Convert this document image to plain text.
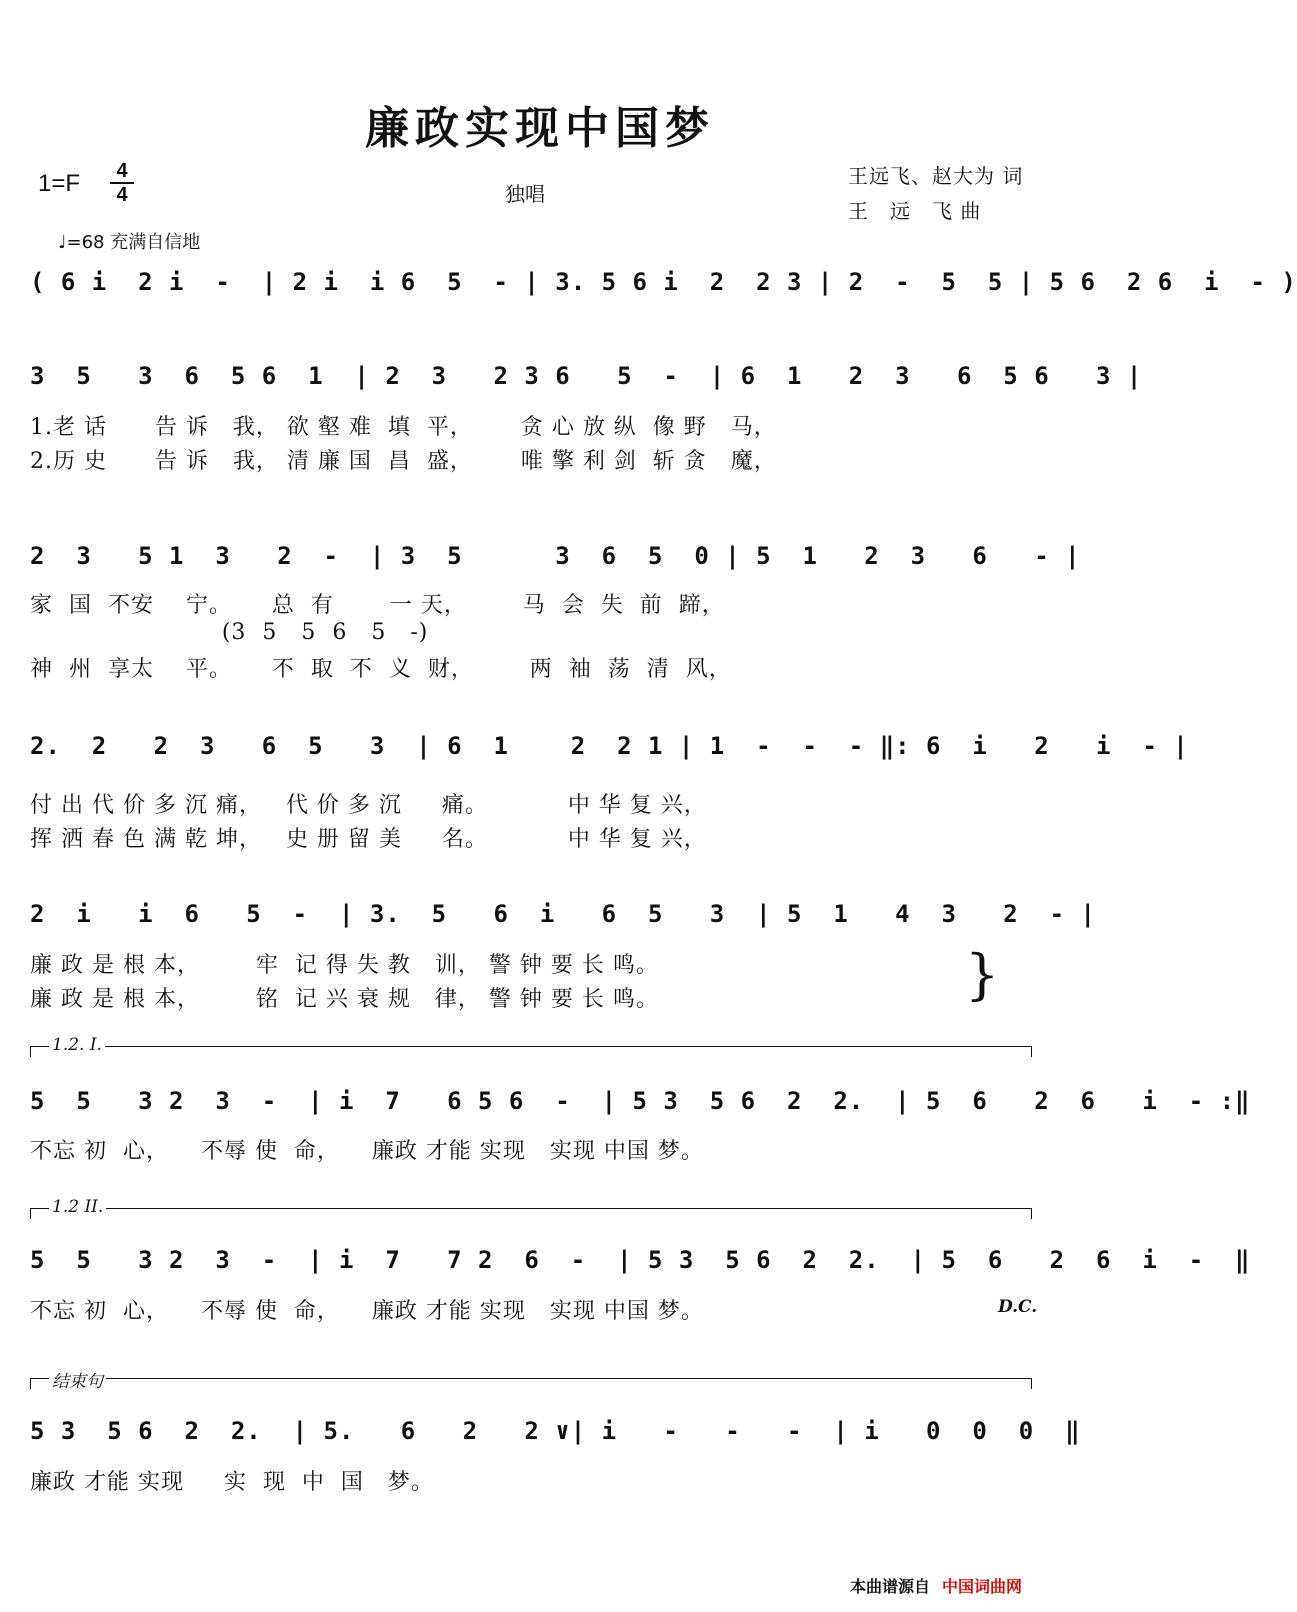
廉政实现中国梦
1=F	4
4	独唱
王远飞、赵大为 词
王　远　飞 曲
♩=68 充满自信地
( 6 i  2 i  -  | 2 i  i 6  5  - | 3. 5 6 i  2  2 3 | 2  -  5  5 | 5 6  2 6  i  - )
3  5   3  6  5 6  1  | 2  3   2 3 6   5  -  | 6  1   2  3   6  5 6   3 |
1.老 话      告 诉   我， 欲 壑 难  填  平，      贪 心 放 纵  像 野   马，
2.历 史      告 诉   我， 清 廉 国  昌  盛，      唯 擎 利 剑  斩 贪   魔，
2  3   5 1  3   2  -  | 3  5      3  6  5  0 | 5  1   2  3   6   - |
家  国  不安    宁。     总  有       一 天，       马  会  失  前  蹄，
(3  5   5  6   5   -)
神  州  享太    平。     不  取  不  义  财，       两  袖  荡  清  风，
2.  2   2  3   6  5   3  | 6  1    2  2 1 | 1  -  -  - ‖: 6  i   2   i  - |
付 出 代 价 多 沉 痛，   代 价 多 沉     痛。          中 华 复 兴，
挥 洒 春 色 满 乾 坤，   史 册 留 美     名。          中 华 复 兴，
2  i   i  6   5  -  | 3.  5   6  i   6  5   3  | 5  1   4  3   2  - |
廉 政 是 根 本，       牢  记 得 失 教   训， 警 钟 要 长 鸣。
廉 政 是 根 本，       铭  记 兴 衰 规   律， 警 钟 要 长 鸣。	}
1.2. I.
5  5   3 2  3  -  | i  7   6 5 6  -  | 5 3  5 6  2  2.  | 5  6   2  6   i  - :‖
不忘 初  心，    不辱 使  命，    廉政 才能 实现   实现 中国 梦。
1.2 II.
5  5   3 2  3  -  | i  7   7 2  6  -  | 5 3  5 6  2  2.  | 5  6   2  6  i  -  ‖
不忘 初  心，    不辱 使  命，    廉政 才能 实现   实现 中国 梦。	D.C.
结束句
5 3  5 6  2  2.  | 5.   6   2   2 ∨| i   -   -   -  | i   0  0  0  ‖
廉政 才能 实现     实  现  中  国   梦。
本曲谱源自 中国词曲网
